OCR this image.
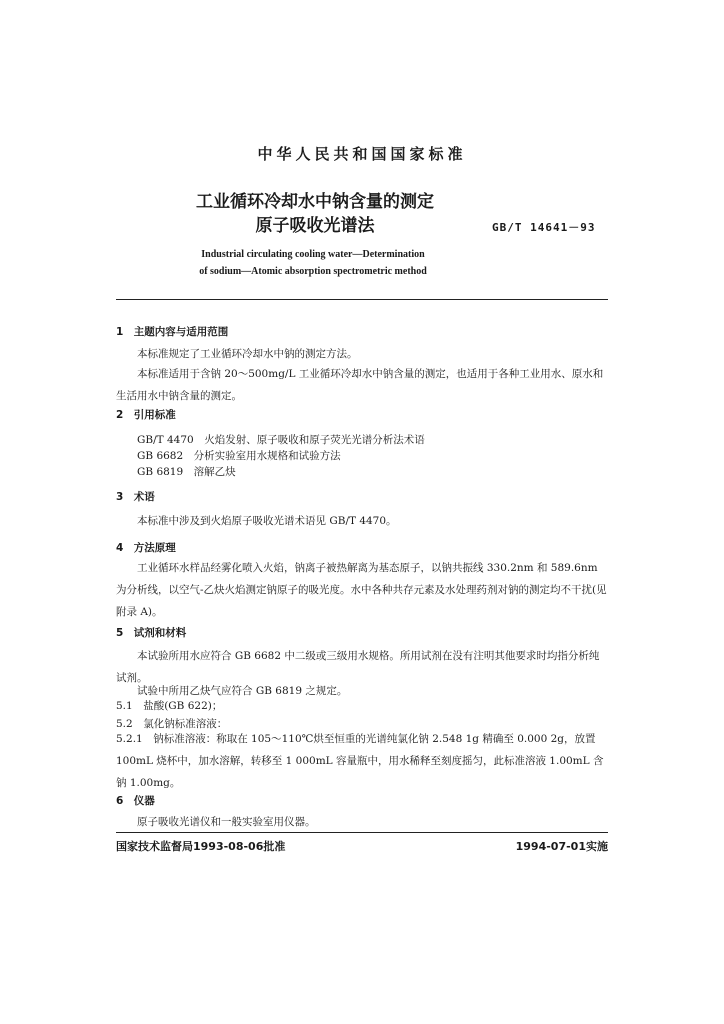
中华人民共和国国家标准
工业循环冷却水中钠含量的测定
原子吸收光谱法	GB/T 14641－93
Industrial circulating cooling water—Determination
of sodium—Atomic absorption spectrometric method
1　主题内容与适用范围
本标准规定了工业循环冷却水中钠的测定方法。
本标准适用于含钠 20～500mg/L 工业循环冷却水中钠含量的测定，也适用于各种工业用水、原水和生活用水中钠含量的测定。
2　引用标准
GB/T 4470　火焰发射、原子吸收和原子荧光光谱分析法术语
GB 6682　分析实验室用水规格和试验方法
GB 6819　溶解乙炔
3　术语
本标准中涉及到火焰原子吸收光谱术语见 GB/T 4470。
4　方法原理
工业循环水样品经雾化喷入火焰，钠离子被热解离为基态原子，以钠共振线 330.2nm 和 589.6nm 为分析线，以空气-乙炔火焰测定钠原子的吸光度。水中各种共存元素及水处理药剂对钠的测定均不干扰(见附录 A)。
5　试剂和材料
本试验所用水应符合 GB 6682 中二级或三级用水规格。所用试剂在没有注明其他要求时均指分析纯试剂。
试验中所用乙炔气应符合 GB 6819 之规定。
5.1　盐酸(GB 622)；
5.2　氯化钠标准溶液：
5.2.1　钠标准溶液：称取在 105～110℃烘至恒重的光谱纯氯化钠 2.548 1g 精确至 0.000 2g，放置 100mL 烧杯中，加水溶解，转移至 1 000mL 容量瓶中，用水稀释至刻度摇匀，此标准溶液 1.00mL 含钠 1.00mg。
6　仪器
原子吸收光谱仪和一般实验室用仪器。
国家技术监督局1993-08-06批准	1994-07-01实施
